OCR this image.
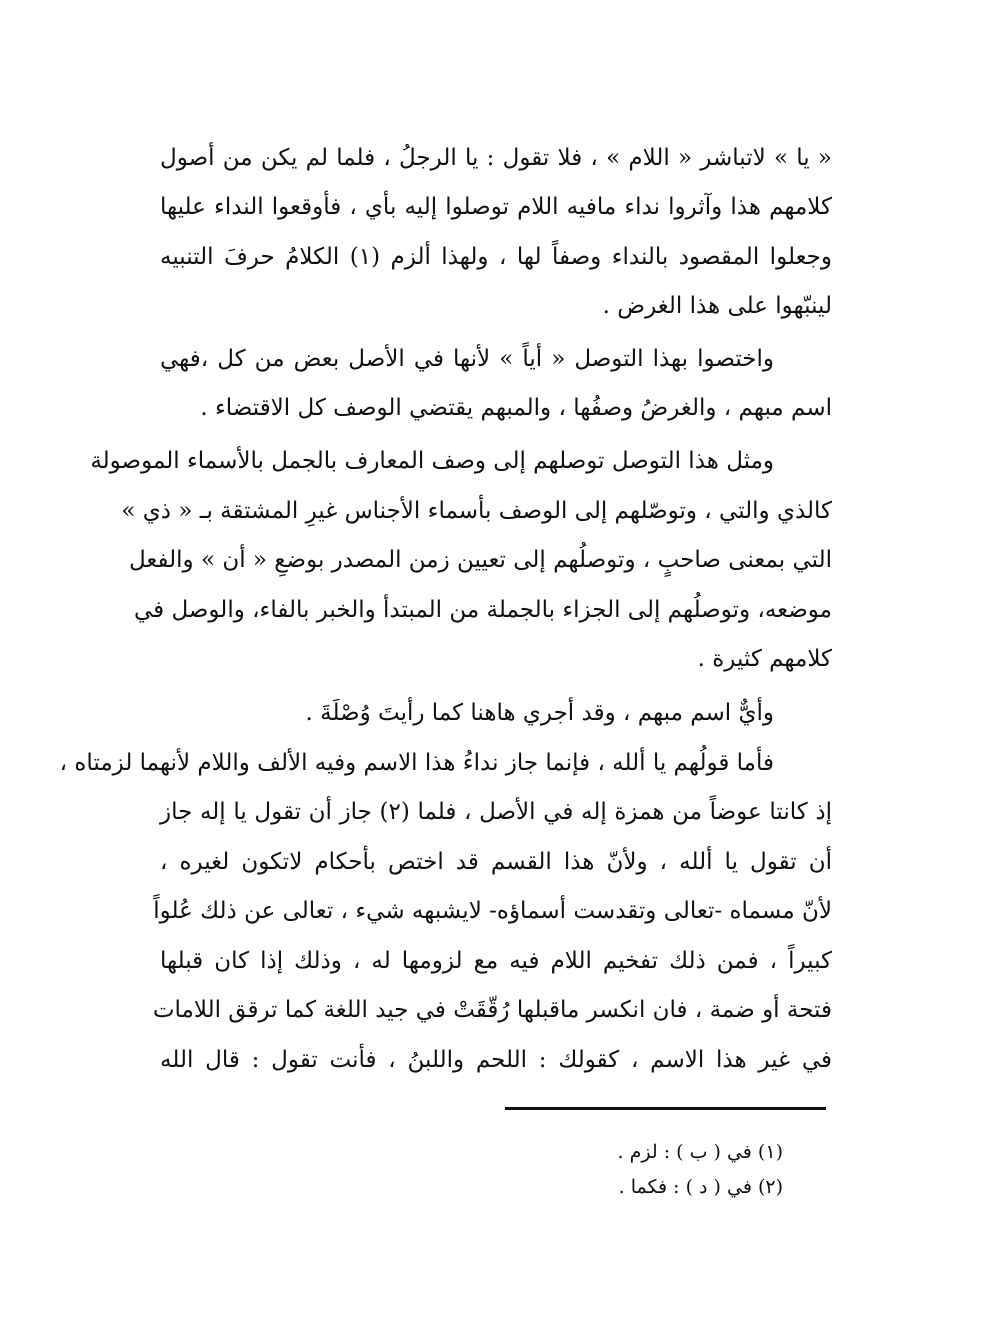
« يا » لاتباشر « اللام » ، فلا تقول : يا الرجلُ ، فلما لم يكن من أصول
كلامهم هذا وآثروا نداء مافيه اللام توصلوا إليه بأي ، فأوقعوا النداء عليها
وجعلوا المقصود بالنداء وصفاً لها ، ولهذا ألزم (١) الكلامُ حرفَ التنبيه
لينبّهوا على هذا الغرض .
واختصوا بهذا التوصل « أياً » لأنها في الأصل بعض من كل ،فهي
اسم مبهم ، والغرضُ وصفُها ، والمبهم يقتضي الوصف كل الاقتضاء .
ومثل هذا التوصل توصلهم إلى وصف المعارف بالجمل بالأسماء الموصولة
كالذي والتي ، وتوصّلهم إلى الوصف بأسماء الأجناس غيرِ المشتقة بـ « ذي »
التي بمعنى صاحبٍ ، وتوصلُهم إلى تعيين زمن المصدر بوضعِ « أن » والفعل
موضعه، وتوصلُهم إلى الجزاء بالجملة من المبتدأ والخبر بالفاء، والوصل في
كلامهم كثيرة .
وأيٌّ اسم مبهم ، وقد أجري هاهنا كما رأيتَ وُصْلَةَ .
فأما قولُهم يا ألله ، فإنما جاز نداءُ هذا الاسم وفيه الألف واللام لأنهما لزمتاه ،
إذ كانتا عوضاً من همزة إله في الأصل ، فلما (٢) جاز أن تقول يا إله جاز
أن تقول يا ألله ، ولأنّ هذا القسم قد اختص بأحكام لاتكون لغيره ،
لأنّ مسماه -تعالى وتقدست أسماؤه- لايشبهه شيء ، تعالى عن ذلك عُلواً
كبيراً ، فمن ذلك تفخيم اللام فيه مع لزومها له ، وذلك إذا كان قبلها
فتحة أو ضمة ، فان انكسر ماقبلها رُقّقَتْ في جيد اللغة كما ترقق اللامات
في غير هذا الاسم ، كقولك : اللحم واللبنُ ، فأنت تقول : قال الله
(١) في ( ب ) : لزم .
(٢) في ( د ) : فكما .
